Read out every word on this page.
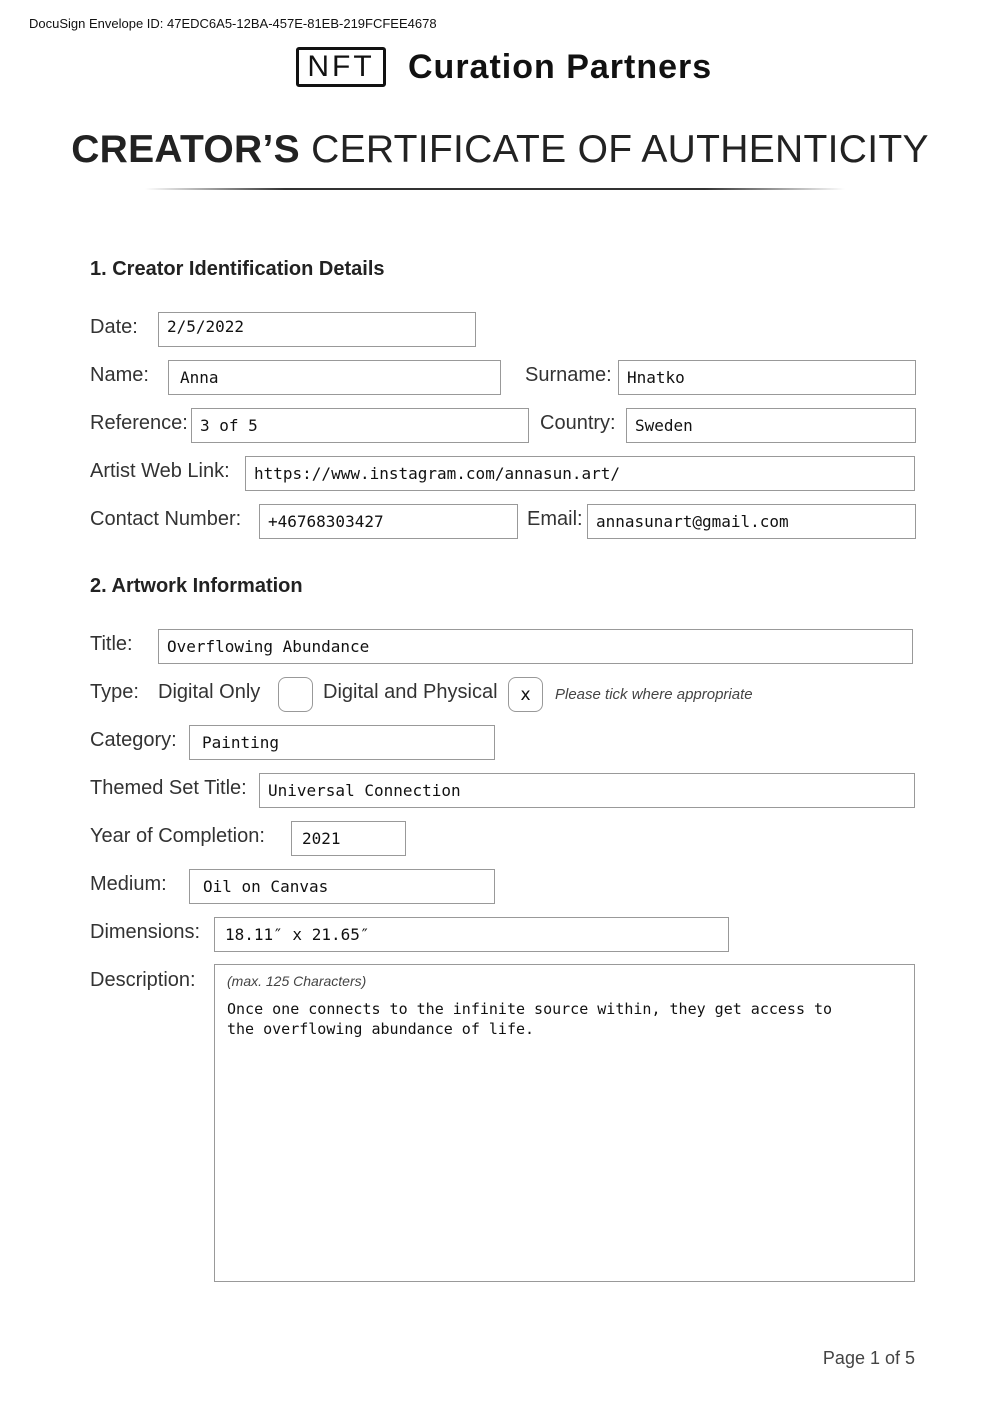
DocuSign Envelope ID: 47EDC6A5-12BA-457E-81EB-219FCFEE4678
NFT Curation Partners
CREATOR’S CERTIFICATE OF AUTHENTICITY
1. Creator Identification Details
Date:	2/5/2022
Name:	Anna	Surname: Hnatko
Reference: 3 of 5	Country:	Sweden
Artist Web Link:	https://www.instagram.com/annasun.art/
Contact Number:	+46768303427	Email: annasunart@gmail.com
2. Artwork Information
Title:	Overflowing Abundance
Type: Digital Only	Digital and Physical	x	Please tick where appropriate
Category:	Painting
Themed Set Title:	Universal Connection
Year of Completion:	2021
Medium:	Oil on Canvas
Dimensions:	18.11″ x 21.65″
Description: (max. 125 Characters)
Once one connects to the infinite source within, they get access to the overflowing abundance of life.
Page 1 of 5
